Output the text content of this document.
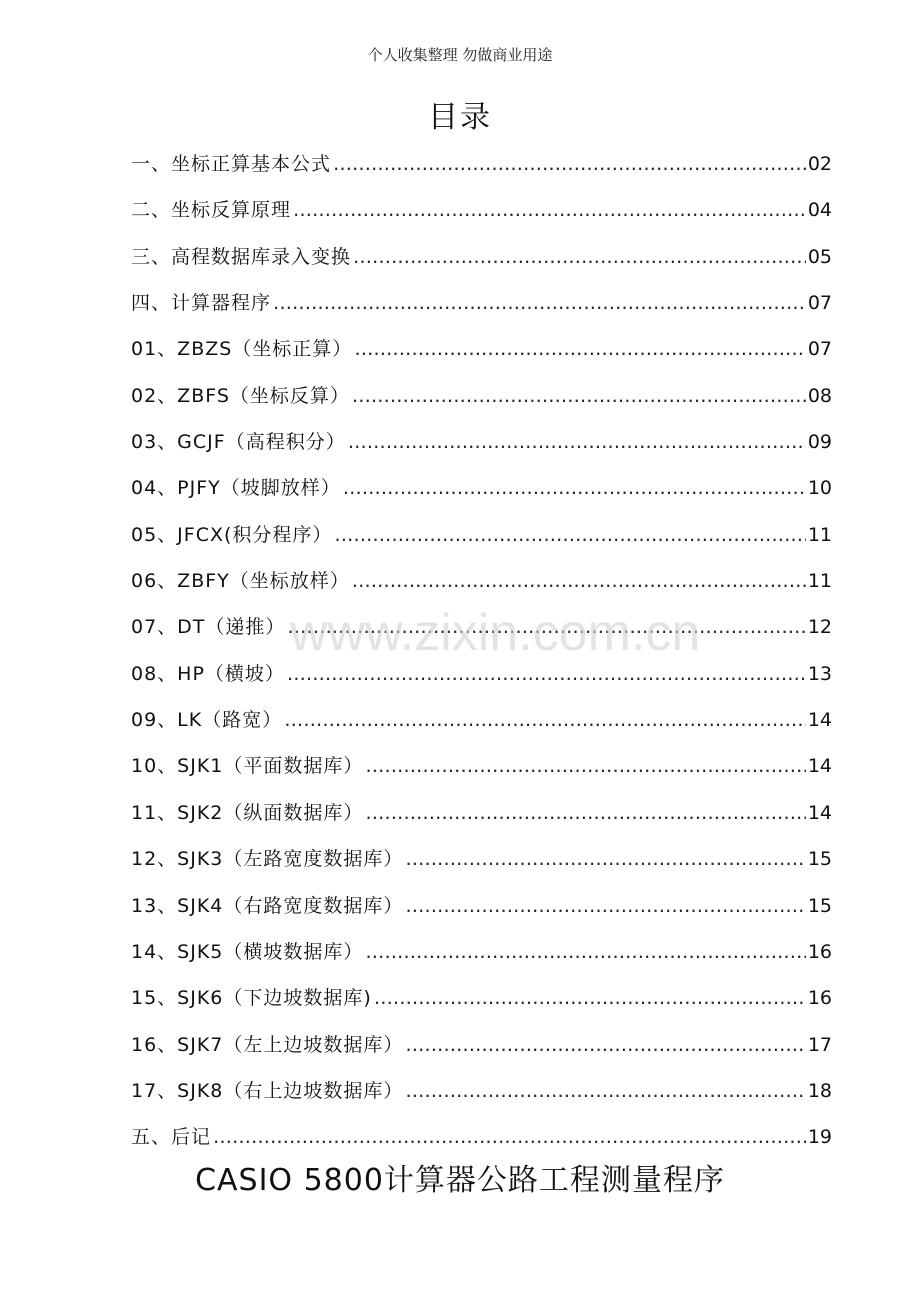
个人收集整理 勿做商业用途
目录
一、坐标正算基本公式 ………………………………………………………………………………………………………………………………………………………………	02
二、坐标反算原理 ………………………………………………………………………………………………………………………………………………………………	04
三、高程数据库录入变换 ………………………………………………………………………………………………………………………………………………………………	05
四、计算器程序 ………………………………………………………………………………………………………………………………………………………………	07
01、ZBZS（坐标正算） ………………………………………………………………………………………………………………………………………………………………	07
02、ZBFS（坐标反算） ………………………………………………………………………………………………………………………………………………………………	08
03、GCJF（高程积分） ………………………………………………………………………………………………………………………………………………………………	09
04、PJFY（坡脚放样） ………………………………………………………………………………………………………………………………………………………………	10
05、JFCX(积分程序） ………………………………………………………………………………………………………………………………………………………………	11
06、ZBFY（坐标放样） ………………………………………………………………………………………………………………………………………………………………	11
07、DT（递推） ………………………………………………………………………………………………………………………………………………………………	12
08、HP（横坡） ………………………………………………………………………………………………………………………………………………………………	13
09、LK（路宽） ………………………………………………………………………………………………………………………………………………………………	14
10、SJK1（平面数据库） ………………………………………………………………………………………………………………………………………………………………	14
11、SJK2（纵面数据库） ………………………………………………………………………………………………………………………………………………………………	14
12、SJK3（左路宽度数据库） ………………………………………………………………………………………………………………………………………………………………	15
13、SJK4（右路宽度数据库） ………………………………………………………………………………………………………………………………………………………………	15
14、SJK5（横坡数据库） ………………………………………………………………………………………………………………………………………………………………	16
15、SJK6（下边坡数据库) ………………………………………………………………………………………………………………………………………………………………	16
16、SJK7（左上边坡数据库） ………………………………………………………………………………………………………………………………………………………………	17
17、SJK8（右上边坡数据库） ………………………………………………………………………………………………………………………………………………………………	18
五、后记 ………………………………………………………………………………………………………………………………………………………………	19
www.zixin.com.cn
CASIO 5800计算器公路工程测量程序
